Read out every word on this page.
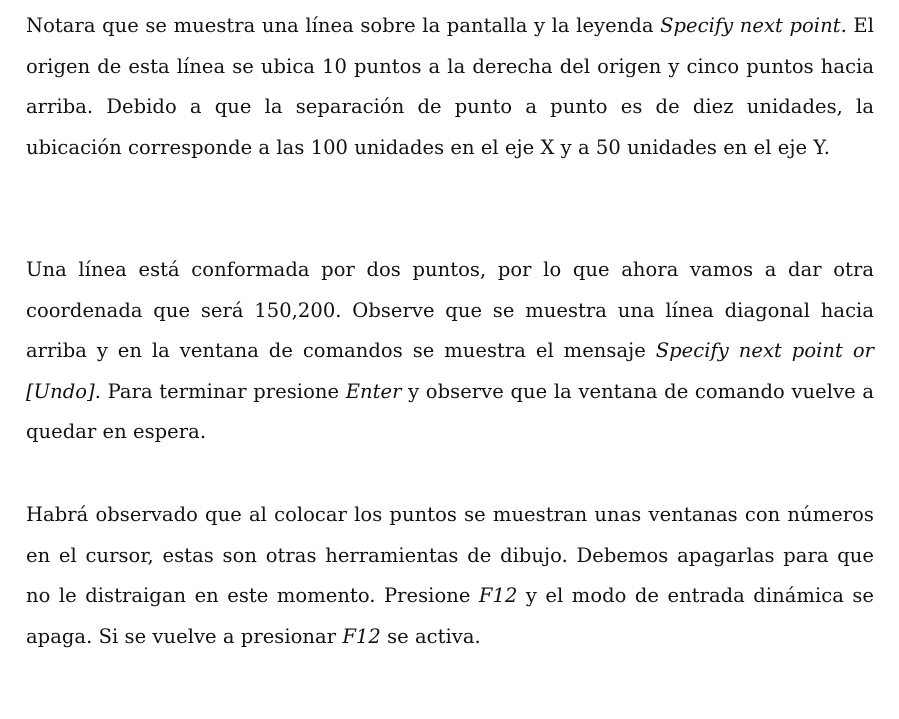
Notara que se muestra una línea sobre la pantalla y la leyenda Specify next point. El origen de esta línea se ubica 10 puntos a la derecha del origen y cinco puntos hacia arriba. Debido a que la separación de punto a punto es de diez unidades, la ubicación corresponde a las 100 unidades en el eje X y a 50 unidades en el eje Y.

Una línea está conformada por dos puntos, por lo que ahora vamos a dar otra coordenada que será 150,200. Observe que se muestra una línea diagonal hacia arriba y en la ventana de comandos se muestra el mensaje Specify next point or [Undo]. Para terminar presione Enter y observe que la ventana de comando vuelve a quedar en espera.

Habrá observado que al colocar los puntos se muestran unas ventanas con números en el cursor, estas son otras herramientas de dibujo. Debemos apagarlas para que no le distraigan en este momento. Presione F12 y el modo de entrada dinámica se apaga. Si se vuelve a presionar F12 se activa.
